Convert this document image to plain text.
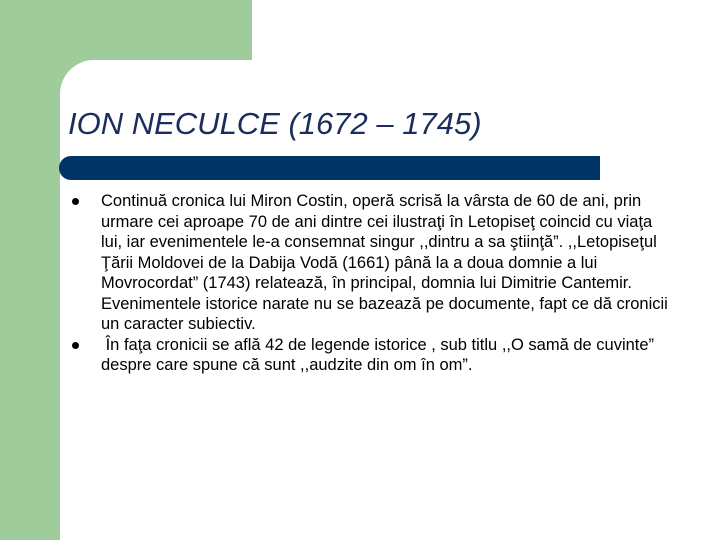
ION NECULCE (1672 – 1745)
Continuă cronica lui Miron Costin, operă scrisă la vârsta de 60 de ani, prin urmare cei aproape 70 de ani dintre cei ilustraţi în Letopiseţ coincid cu viaţa lui, iar evenimentele le-a consemnat singur ,,dintru a sa ştiinţă”. ,,Letopiseţul Ţării Moldovei de la Dabija Vodă (1661) până la a doua domnie a lui Movrocordat” (1743) relatează, în principal, domnia lui Dimitrie Cantemir. Evenimentele istorice narate nu se bazează pe documente, fapt ce dă cronicii un caracter subiectiv.
În faţa cronicii se află 42 de legende istorice , sub titlu ,,O samă de cuvinte” despre care spune că sunt ,,audzite din om în om”.
